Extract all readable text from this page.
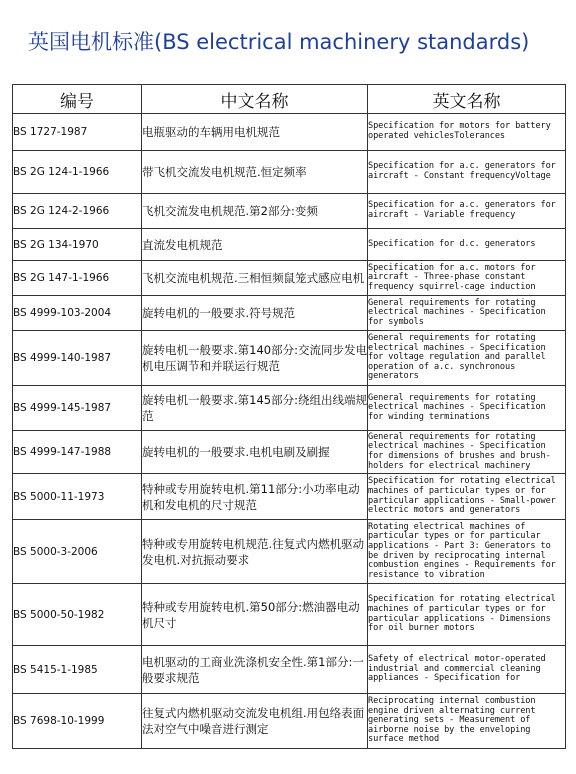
英国电机标准(BS electrical machinery standards)
编号	中文名称	英文名称
BS 1727-1987	电瓶驱动的车辆用电机规范	Specification for motors for battery operated vehiclesTolerances
BS 2G 124-1-1966	带飞机交流发电机规范.恒定频率	Specification for a.c. generators for aircraft - Constant frequencyVoltage
BS 2G 124-2-1966	飞机交流发电机规范.第2部分:变频	Specification for a.c. generators for aircraft - Variable frequency
BS 2G 134-1970	直流发电机规范	Specification for d.c. generators
BS 2G 147-1-1966	飞机交流电机规范.三相恒频鼠笼式感应电机	Specification for a.c. motors for aircraft - Three-phase constant frequency squirrel-cage induction
BS 4999-103-2004	旋转电机的一般要求.符号规范	General requirements for rotating electrical machines - Specification for symbols
BS 4999-140-1987	旋转电机一般要求.第140部分:交流同步发电机电压调节和并联运行规范	General requirements for rotating electrical machines - Specification for voltage regulation and parallel operation of a.c. synchronous generators
BS 4999-145-1987	旋转电机一般要求.第145部分:绕组出线端规范	General requirements for rotating electrical machines - Specification for winding terminations
BS 4999-147-1988	旋转电机的一般要求.电机电刷及刷握	General requirements for rotating electrical machines - Specification for dimensions of brushes and brush-holders for electrical machinery
BS 5000-11-1973	特种或专用旋转电机.第11部分:小功率电动机和发电机的尺寸规范	Specification for rotating electrical machines of particular types or for particular applications - Small-power electric motors and generators
BS 5000-3-2006	特种或专用旋转电机规范.往复式内燃机驱动发电机.对抗振动要求	Rotating electrical machines of particular types or for particular applications - Part 3: Generators to be driven by reciprocating internal combustion engines - Requirements for resistance to vibration
BS 5000-50-1982	特种或专用旋转电机.第50部分:燃油器电动机尺寸	Specification for rotating electrical machines of particular types or for particular applications - Dimensions for oil burner motors
BS 5415-1-1985	电机驱动的工商业洗涤机安全性.第1部分:一般要求规范	Safety of electrical motor-operated industrial and commercial cleaning appliances - Specification for
BS 7698-10-1999	往复式内燃机驱动交流发电机组.用包络表面法对空气中噪音进行测定	Reciprocating internal combustion engine driven alternating current generating sets - Measurement of airborne noise by the enveloping surface method
